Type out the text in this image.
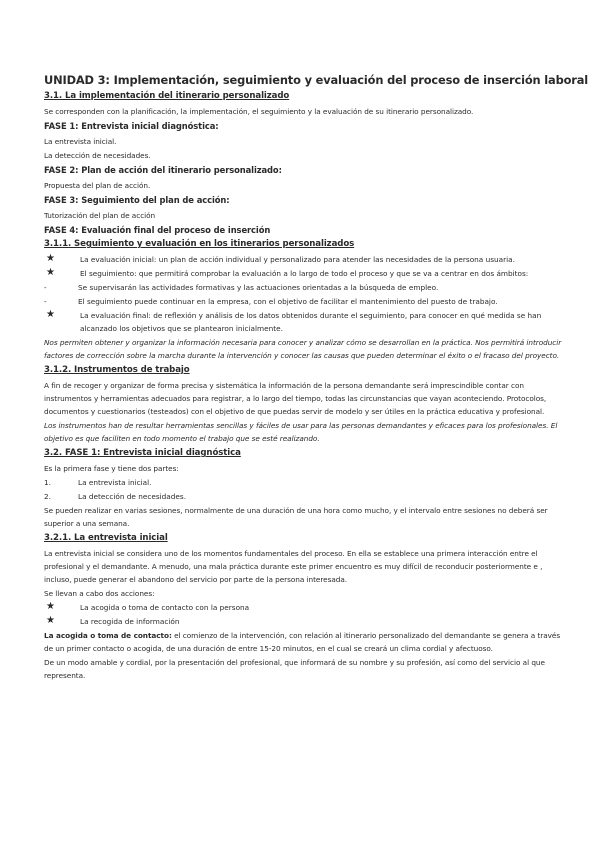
UNIDAD 3: Implementación, seguimiento y evaluación del proceso de inserción laboral
3.1. La implementación del itinerario personalizado

Se corresponden con la planificación, la implementación, el seguimiento y la evaluación de su itinerario personalizado.

FASE 1: Entrevista inicial diagnóstica:

La entrevista inicial.

La detección de necesidades.

FASE 2: Plan de acción del itinerario personalizado:

Propuesta del plan de acción.

FASE 3: Seguimiento del plan de acción:

Tutorización del plan de acción

FASE 4: Evaluación final del proceso de inserción
3.1.1. Seguimiento y evaluación en los itinerarios personalizados
★	La evaluación inicial: un plan de acción individual y personalizado para atender las necesidades de la persona usuaria.
★	El seguimiento: que permitirá comprobar la evaluación a lo largo de todo el proceso y que se va a centrar en dos ámbitos:
-	Se supervisarán las actividades formativas y las actuaciones orientadas a la búsqueda de empleo.
-	El seguimiento puede continuar en la empresa, con el objetivo de facilitar el mantenimiento del puesto de trabajo.
★	La evaluación final: de reflexión y análisis de los datos obtenidos durante el seguimiento, para conocer en qué medida se han alcanzado los objetivos que se plantearon inicialmente.

Nos permiten obtener y organizar la información necesaria para conocer y analizar cómo se desarrollan en la práctica. Nos permitirá introducir factores de corrección sobre la marcha durante la intervención y conocer las causas que pueden determinar el éxito o el fracaso del proyecto.

3.1.2. Instrumentos de trabajo

A fin de recoger y organizar de forma precisa y sistemática la información de la persona demandante será imprescindible contar con instrumentos y herramientas adecuados para registrar, a lo largo del tiempo, todas las circunstancias que vayan aconteciendo. Protocolos, documentos y cuestionarios (testeados) con el objetivo de que puedas servir de modelo y ser útiles en la práctica educativa y profesional.

Los instrumentos han de resultar herramientas sencillas y fáciles de usar para las personas demandantes y eficaces para los profesionales. El objetivo es que faciliten en todo momento el trabajo que se esté realizando.

3.2. FASE 1: Entrevista inicial diagnóstica

Es la primera fase y tiene dos partes:

1.	La entrevista inicial.
2.	La detección de necesidades.

Se pueden realizar en varias sesiones, normalmente de una duración de una hora como mucho, y el intervalo entre sesiones no deberá ser superior a una semana.

3.2.1. La entrevista inicial

La entrevista inicial se considera uno de los momentos fundamentales del proceso. En ella se establece una primera interacción entre el profesional y el demandante. A menudo, una mala práctica durante este primer encuentro es muy difícil de reconducir posteriormente e , incluso, puede generar el abandono del servicio por parte de la persona interesada.

Se llevan a cabo dos acciones:

★	La acogida o toma de contacto con la persona
★	La recogida de información

La acogida o toma de contacto: el comienzo de la intervención, con relación al itinerario personalizado del demandante se genera a través de un primer contacto o acogida, de una duración de entre 15-20 minutos, en el cual se creará un clima cordial y afectuoso.

De un modo amable y cordial, por la presentación del profesional, que informará de su nombre y su profesión, así como del servicio al que representa.
